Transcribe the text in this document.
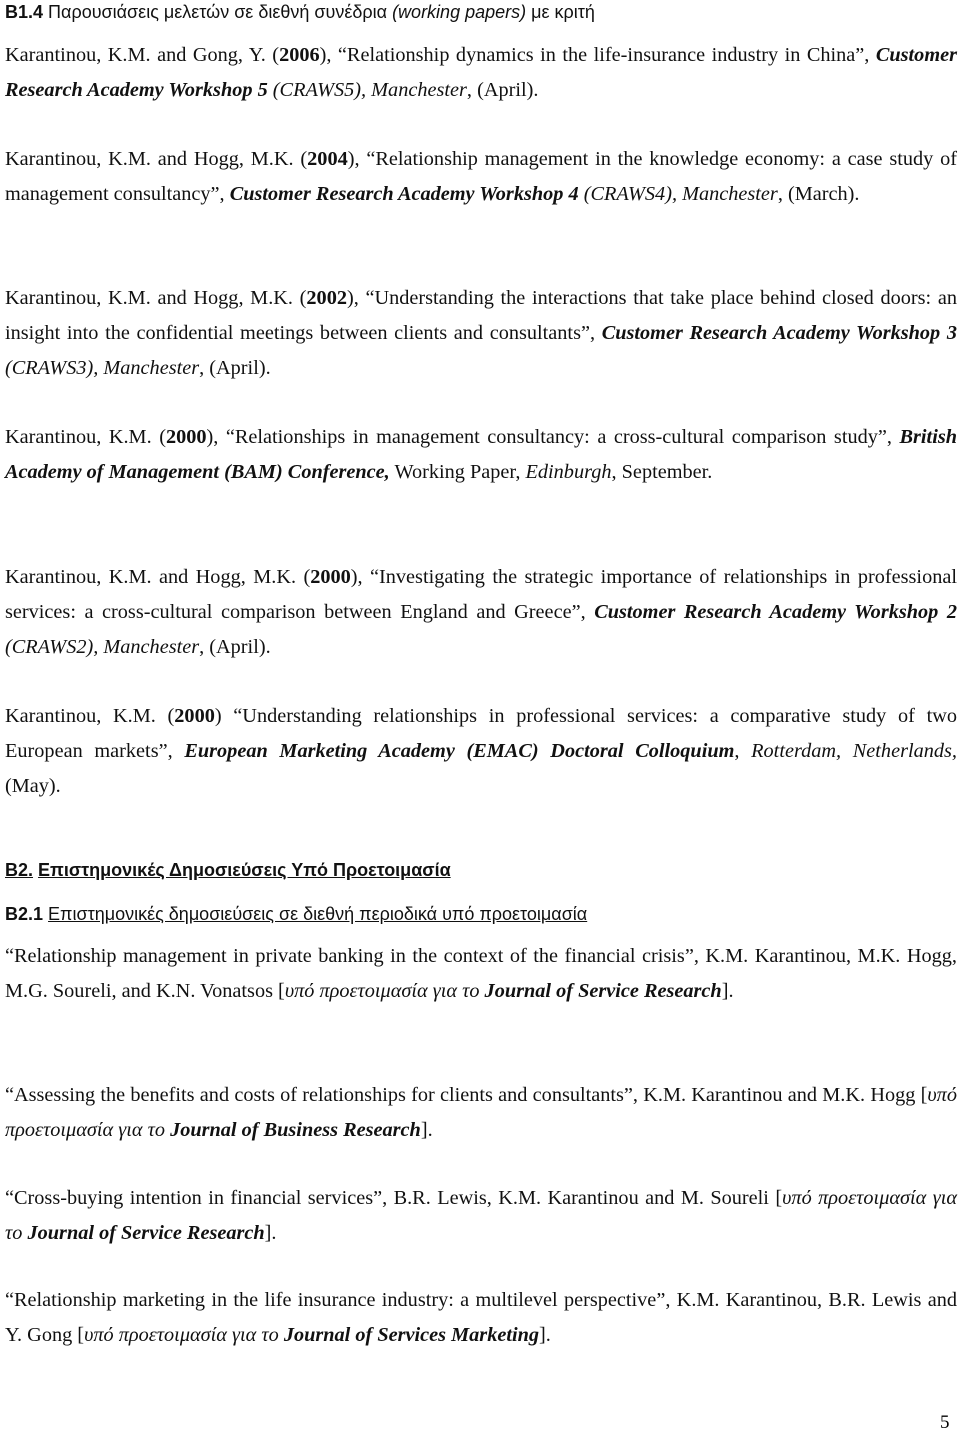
B1.4 Παρουσιάσεις μελετών σε διεθνή συνέδρια (working papers) με κριτή

Karantinou, K.M. and Gong, Y. (2006), “Relationship dynamics in the life-insurance industry in China”, Customer Research Academy Workshop 5 (CRAWS5), Manchester, (April).

Karantinou, K.M. and Hogg, M.K. (2004), “Relationship management in the knowledge economy: a case study of management consultancy”, Customer Research Academy Workshop 4 (CRAWS4), Manchester, (March).

Karantinou, K.M. and Hogg, M.K. (2002), “Understanding the interactions that take place behind closed doors: an insight into the confidential meetings between clients and consultants”, Customer Research Academy Workshop 3 (CRAWS3), Manchester, (April).

Karantinou, K.M. (2000), “Relationships in management consultancy: a cross-cultural comparison study”, British Academy of Management (BAM) Conference, Working Paper, Edinburgh, September.

Karantinou, K.M. and Hogg, M.K. (2000), “Investigating the strategic importance of relationships in professional services: a cross-cultural comparison between England and Greece”, Customer Research Academy Workshop 2 (CRAWS2), Manchester, (April).

Karantinou, K.M. (2000) “Understanding relationships in professional services: a comparative study of two European markets”, European Marketing Academy (EMAC) Doctoral Colloquium, Rotterdam, Netherlands, (May).

B2. Επιστημονικές Δημοσιεύσεις Υπό Προετοιμασία
B2.1 Επιστημονικές δημοσιεύσεις σε διεθνή περιοδικά υπό προετοιμασία

“Relationship management in private banking in the context of the financial crisis”, K.M. Karantinou, M.K. Hogg, M.G. Soureli, and K.N. Vonatsos [υπό προετοιμασία για το Journal of Service Research].

“Assessing the benefits and costs of relationships for clients and consultants”, K.M. Karantinou and M.K. Hogg [υπό προετοιμασία για το Journal of Business Research].

“Cross-buying intention in financial services”, B.R. Lewis, K.M. Karantinou and M. Soureli [υπό προετοιμασία για το Journal of Service Research].

“Relationship marketing in the life insurance industry: a multilevel perspective”, K.M. Karantinou, B.R. Lewis and Y. Gong [υπό προετοιμασία για το Journal of Services Marketing].

5
